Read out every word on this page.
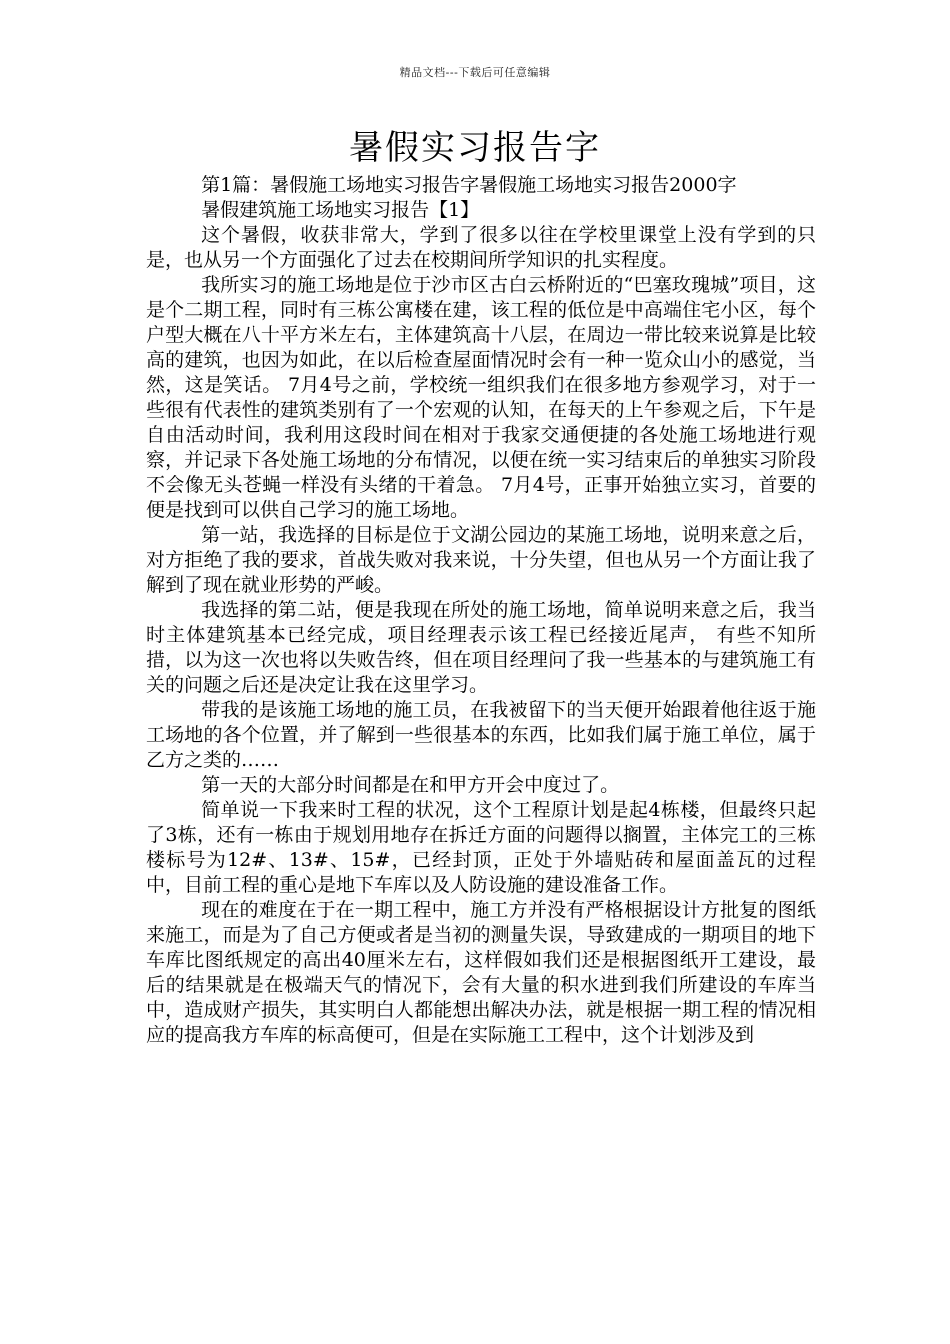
精品文档---下载后可任意编辑
暑假实习报告字

第1篇：暑假施工场地实习报告字暑假施工场地实习报告2000字

暑假建筑施工场地实习报告【1】

这个暑假，收获非常大，学到了很多以往在学校里课堂上没有学到的只是，也从另一个方面强化了过去在校期间所学知识的扎实程度。

我所实习的施工场地是位于沙市区古白云桥附近的“巴塞玫瑰城”项目，这是个二期工程，同时有三栋公寓楼在建，该工程的低位是中高端住宅小区，每个户型大概在八十平方米左右，主体建筑高十八层，在周边一带比较来说算是比较高的建筑，也因为如此，在以后检查屋面情况时会有一种一览众山小的感觉，当然，这是笑话。 7月4号之前，学校统一组织我们在很多地方参观学习，对于一些很有代表性的建筑类别有了一个宏观的认知，在每天的上午参观之后，下午是自由活动时间，我利用这段时间在相对于我家交通便捷的各处施工场地进行观察，并记录下各处施工场地的分布情况，以便在统一实习结束后的单独实习阶段不会像无头苍蝇一样没有头绪的干着急。 7月4号，正事开始独立实习，首要的便是找到可以供自己学习的施工场地。

第一站，我选择的目标是位于文湖公园边的某施工场地，说明来意之后，对方拒绝了我的要求，首战失败对我来说，十分失望，但也从另一个方面让我了解到了现在就业形势的严峻。

我选择的第二站，便是我现在所处的施工场地，简单说明来意之后，我当时主体建筑基本已经完成，项目经理表示该工程已经接近尾声， 有些不知所措，以为这一次也将以失败告终，但在项目经理问了我一些基本的与建筑施工有关的问题之后还是决定让我在这里学习。

带我的是该施工场地的施工员，在我被留下的当天便开始跟着他往返于施工场地的各个位置，并了解到一些很基本的东西，比如我们属于施工单位，属于乙方之类的……

第一天的大部分时间都是在和甲方开会中度过了。

简单说一下我来时工程的状况，这个工程原计划是起4栋楼，但最终只起了3栋，还有一栋由于规划用地存在拆迁方面的问题得以搁置，主体完工的三栋楼标号为12#、13#、15#，已经封顶，正处于外墙贴砖和屋面盖瓦的过程中，目前工程的重心是地下车库以及人防设施的建设准备工作。

现在的难度在于在一期工程中，施工方并没有严格根据设计方批复的图纸来施工，而是为了自己方便或者是当初的测量失误，导致建成的一期项目的地下车库比图纸规定的高出40厘米左右，这样假如我们还是根据图纸开工建设，最后的结果就是在极端天气的情况下，会有大量的积水进到我们所建设的车库当中，造成财产损失，其实明白人都能想出解决办法，就是根据一期工程的情况相应的提高我方车库的标高便可，但是在实际施工工程中，这个计划涉及到
